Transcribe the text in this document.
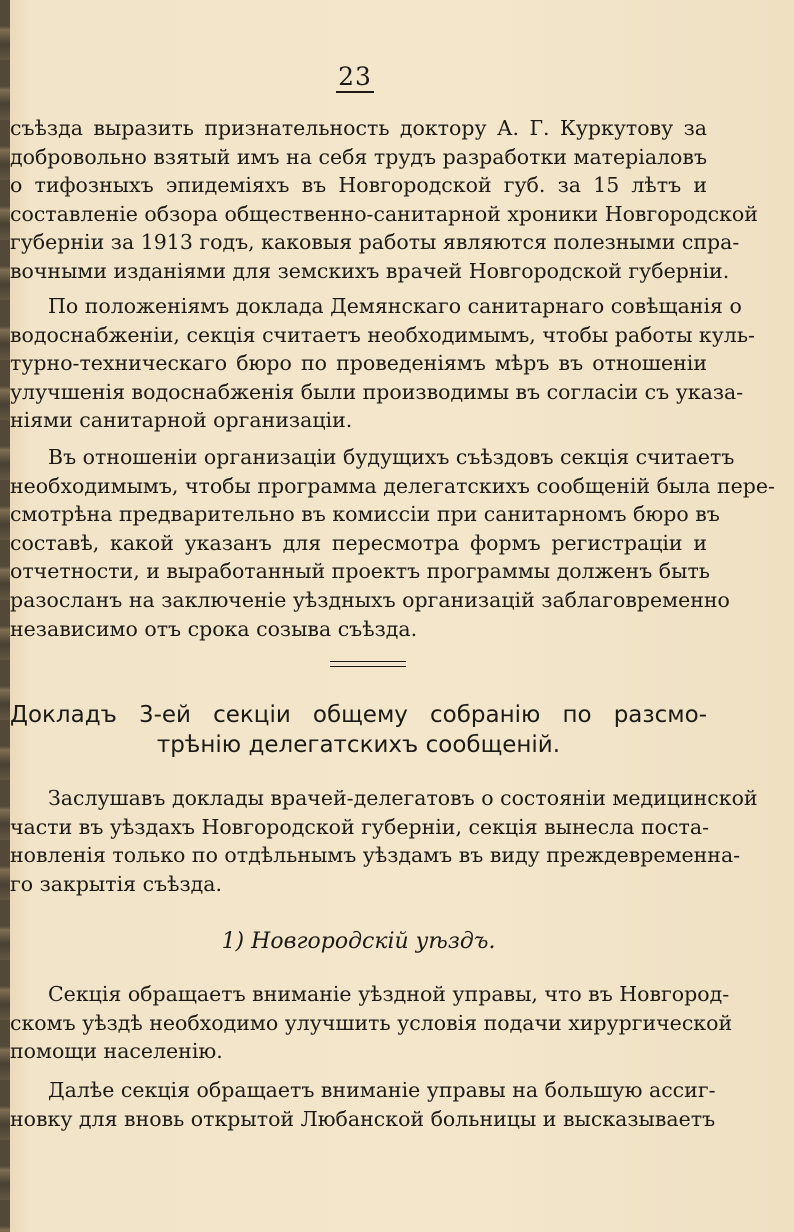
23
съѣзда выразить признательность доктору А. Г. Куркутову за
добровольно взятый имъ на себя трудъ разработки матеріаловъ
о тифозныхъ эпидеміяхъ въ Новгородской губ. за 15 лѣтъ и
составленіе обзора общественно-санитарной хроники Новгородской
губерніи за 1913 годъ, каковыя работы являются полезными спра-
вочными изданіями для земскихъ врачей Новгородской губерніи.
По положеніямъ доклада Демянскаго санитарнаго совѣщанія о
водоснабженіи, секція считаетъ необходимымъ, чтобы работы куль-
турно-техническаго бюро по проведеніямъ мѣръ въ отношеніи
улучшенія водоснабженія были производимы въ согласіи съ указа-
ніями санитарной организаціи.
Въ отношеніи организаціи будущихъ съѣздовъ секція считаетъ
необходимымъ, чтобы программа делегатскихъ сообщеній была пере-
смотрѣна предварительно въ комиссіи при санитарномъ бюро въ
составѣ, какой указанъ для пересмотра формъ регистраціи и
отчетности, и выработанный проектъ программы долженъ быть
разосланъ на заключеніе уѣздныхъ организацій заблаговременно
независимо отъ срока созыва съѣзда.
Докладъ 3-ей секціи общему собранію по разсмо-
трѣнію делегатскихъ сообщеній.
Заслушавъ доклады врачей-делегатовъ о состояніи медицинской
части въ уѣздахъ Новгородской губерніи, секція вынесла поста-
новленія только по отдѣльнымъ уѣздамъ въ виду преждевременна-
го закрытія съѣзда.
1) Новгородскій уѣздъ.
Секція обращаетъ вниманіе уѣздной управы, что въ Новгород-
скомъ уѣздѣ необходимо улучшить условія подачи хирургической
помощи населенію.
Далѣе секція обращаетъ вниманіе управы на большую ассиг-
новку для вновь открытой Любанской больницы и высказываетъ
